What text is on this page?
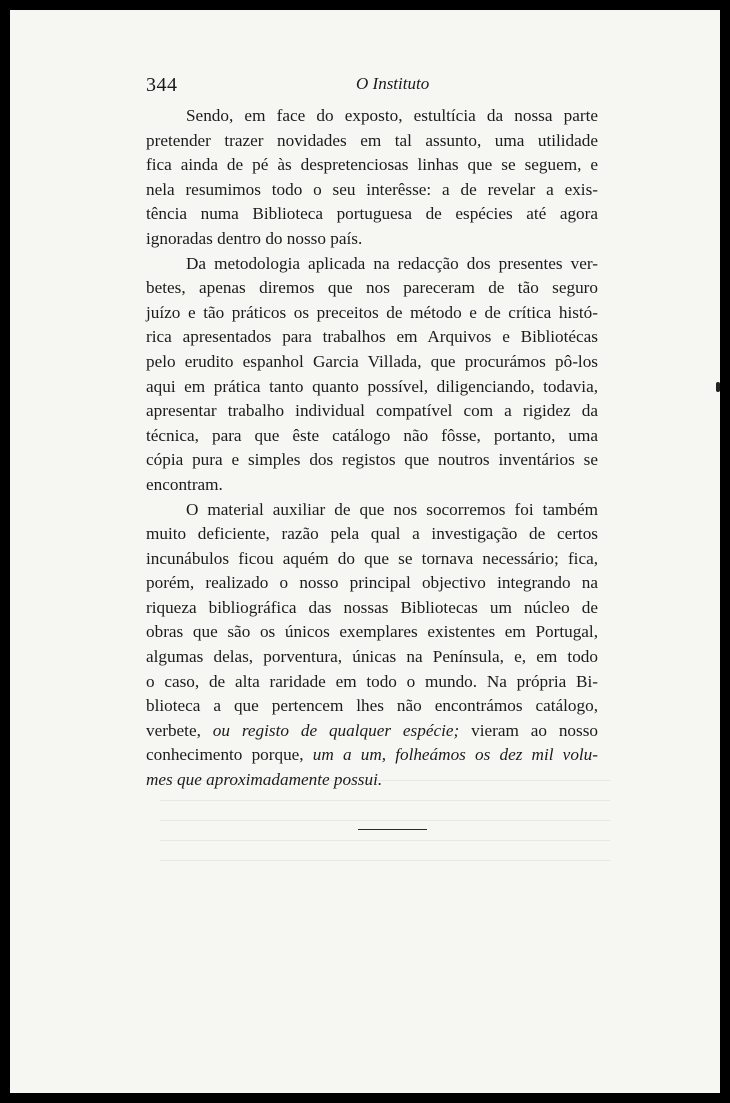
344	O Instituto

Sendo, em face do exposto, estultícia da nossa parte
pretender trazer novidades em tal assunto, uma utilidade
fica ainda de pé às despretenciosas linhas que se seguem, e
nela resumimos todo o seu interêsse: a de revelar a exis-
tência numa Biblioteca portuguesa de espécies até agora
ignoradas dentro do nosso país.

Da metodologia aplicada na redacção dos presentes ver-
betes, apenas diremos que nos pareceram de tão seguro
juízo e tão práticos os preceitos de método e de crítica histó-
rica apresentados para trabalhos em Arquivos e Bibliotécas
pelo erudito espanhol Garcia Villada, que procurámos pô-los
aqui em prática tanto quanto possível, diligenciando, todavia,
apresentar trabalho individual compatível com a rigidez da
técnica, para que êste catálogo não fôsse, portanto, uma
cópia pura e simples dos registos que noutros inventários se
encontram.

O material auxiliar de que nos socorremos foi também
muito deficiente, razão pela qual a investigação de certos
incunábulos ficou aquém do que se tornava necessário; fica,
porém, realizado o nosso principal objectivo integrando na
riqueza bibliográfica das nossas Bibliotecas um núcleo de
obras que são os únicos exemplares existentes em Portugal,
algumas delas, porventura, únicas na Península, e, em todo
o caso, de alta raridade em todo o mundo. Na própria Bi-
blioteca a que pertencem lhes não encontrámos catálogo,
verbete, ou registo de qualquer espécie; vieram ao nosso
conhecimento porque, um a um, folheámos os dez mil volu-
mes que aproximadamente possui.
